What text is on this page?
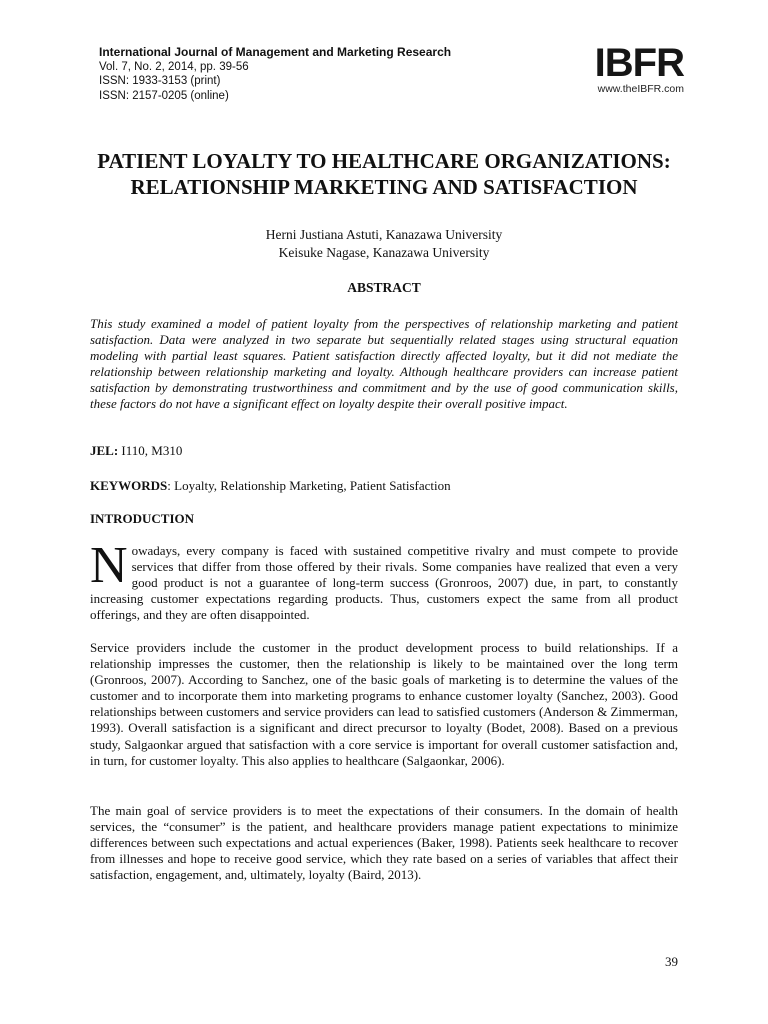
International Journal of Management and Marketing Research
Vol. 7, No. 2, 2014, pp. 39-56
ISSN: 1933-3153 (print)
ISSN: 2157-0205 (online)
IBFR
www.theIBFR.com
PATIENT LOYALTY TO HEALTHCARE ORGANIZATIONS: RELATIONSHIP MARKETING AND SATISFACTION
Herni Justiana Astuti, Kanazawa University
Keisuke Nagase, Kanazawa University
ABSTRACT

This study examined a model of patient loyalty from the perspectives of relationship marketing and patient satisfaction. Data were analyzed in two separate but sequentially related stages using structural equation modeling with partial least squares. Patient satisfaction directly affected loyalty, but it did not mediate the relationship between relationship marketing and loyalty. Although healthcare providers can increase patient satisfaction by demonstrating trustworthiness and commitment and by the use of good communication skills, these factors do not have a significant effect on loyalty despite their overall positive impact.

JEL: I110, M310
KEYWORDS: Loyalty, Relationship Marketing, Patient Satisfaction
INTRODUCTION

Nowadays, every company is faced with sustained competitive rivalry and must compete to provide services that differ from those offered by their rivals. Some companies have realized that even a very good product is not a guarantee of long-term success (Gronroos, 2007) due, in part, to constantly increasing customer expectations regarding products. Thus, customers expect the same from all product offerings, and they are often disappointed.

Service providers include the customer in the product development process to build relationships. If a relationship impresses the customer, then the relationship is likely to be maintained over the long term (Gronroos, 2007). According to Sanchez, one of the basic goals of marketing is to determine the values of the customer and to incorporate them into marketing programs to enhance customer loyalty (Sanchez, 2003). Good relationships between customers and service providers can lead to satisfied customers (Anderson & Zimmerman, 1993). Overall satisfaction is a significant and direct precursor to loyalty (Bodet, 2008). Based on a previous study, Salgaonkar argued that satisfaction with a core service is important for overall customer satisfaction and, in turn, for customer loyalty. This also applies to healthcare (Salgaonkar, 2006).

The main goal of service providers is to meet the expectations of their consumers. In the domain of health services, the “consumer” is the patient, and healthcare providers manage patient expectations to minimize differences between such expectations and actual experiences (Baker, 1998). Patients seek healthcare to recover from illnesses and hope to receive good service, which they rate based on a series of variables that affect their satisfaction, engagement, and, ultimately, loyalty (Baird, 2013).

39
